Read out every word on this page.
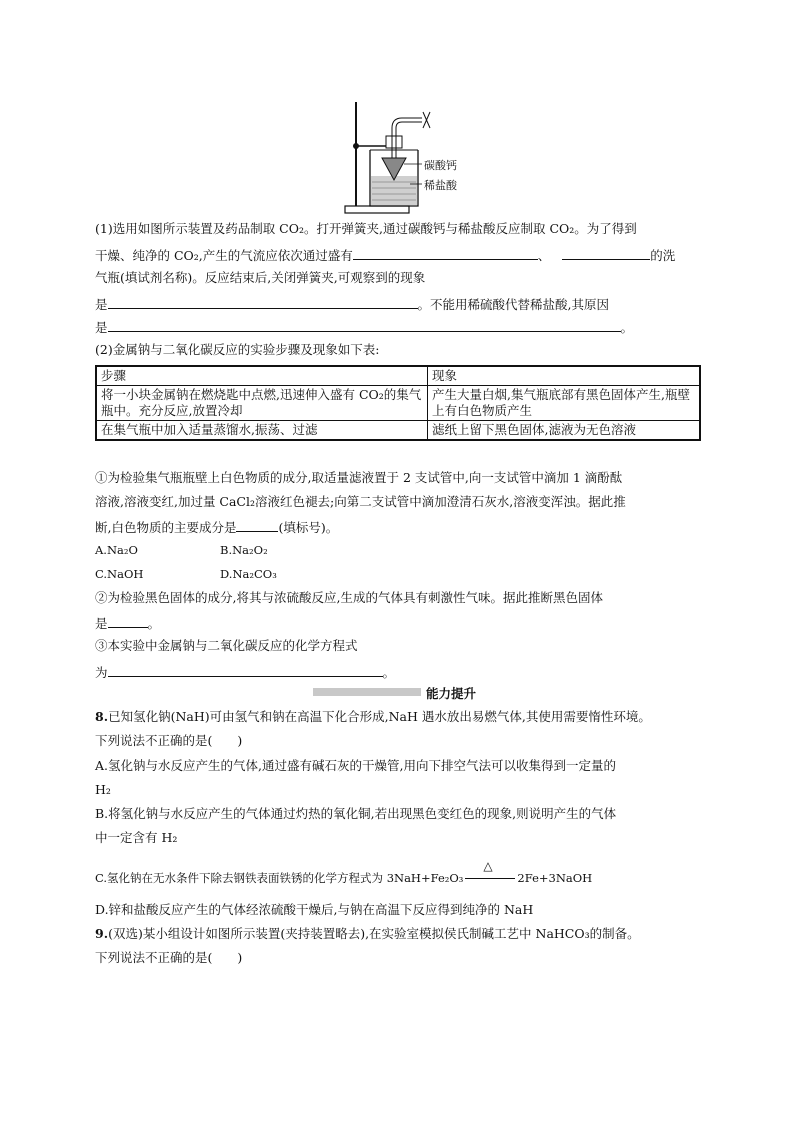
碳酸钙
稀盐酸
(1)选用如图所示装置及药品制取 CO₂。打开弹簧夹,通过碳酸钙与稀盐酸反应制取 CO₂。为了得到
干燥、纯净的 CO₂,产生的气流应依次通过盛有	、	的洗
气瓶(填试剂名称)。反应结束后,关闭弹簧夹,可观察到的现象
是	。不能用稀硫酸代替稀盐酸,其原因
是	。
(2)金属钠与二氧化碳反应的实验步骤及现象如下表:
步骤	现象
将一小块金属钠在燃烧匙中点燃,迅速伸入盛有 CO₂的集气瓶中。充分反应,放置冷却	产生大量白烟,集气瓶底部有黑色固体产生,瓶壁上有白色物质产生
在集气瓶中加入适量蒸馏水,振荡、过滤	滤纸上留下黑色固体,滤液为无色溶液
①为检验集气瓶瓶壁上白色物质的成分,取适量滤液置于 2 支试管中,向一支试管中滴加 1 滴酚酞
溶液,溶液变红,加过量 CaCl₂溶液红色褪去;向第二支试管中滴加澄清石灰水,溶液变浑浊。据此推
断,白色物质的主要成分是	(填标号)。
A.Na₂O	B.Na₂O₂
C.NaOH	D.Na₂CO₃
②为检验黑色固体的成分,将其与浓硫酸反应,生成的气体具有刺激性气味。据此推断黑色固体
是	。
③本实验中金属钠与二氧化碳反应的化学方程式
为	。
能力提升
8.已知氢化钠(NaH)可由氢气和钠在高温下化合形成,NaH 遇水放出易燃气体,其使用需要惰性环境。
下列说法不正确的是(　　)
A.氢化钠与水反应产生的气体,通过盛有碱石灰的干燥管,用向下排空气法可以收集得到一定量的
H₂
B.将氢化钠与水反应产生的气体通过灼热的氧化铜,若出现黑色变红色的现象,则说明产生的气体
中一定含有 H₂
C.氢化钠在无水条件下除去钢铁表面铁锈的化学方程式为 3NaH+Fe₂O₃
△
2Fe+3NaOH
D.锌和盐酸反应产生的气体经浓硫酸干燥后,与钠在高温下反应得到纯净的 NaH
9.(双选)某小组设计如图所示装置(夹持装置略去),在实验室模拟侯氏制碱工艺中 NaHCO₃的制备。
下列说法不正确的是(　　)
